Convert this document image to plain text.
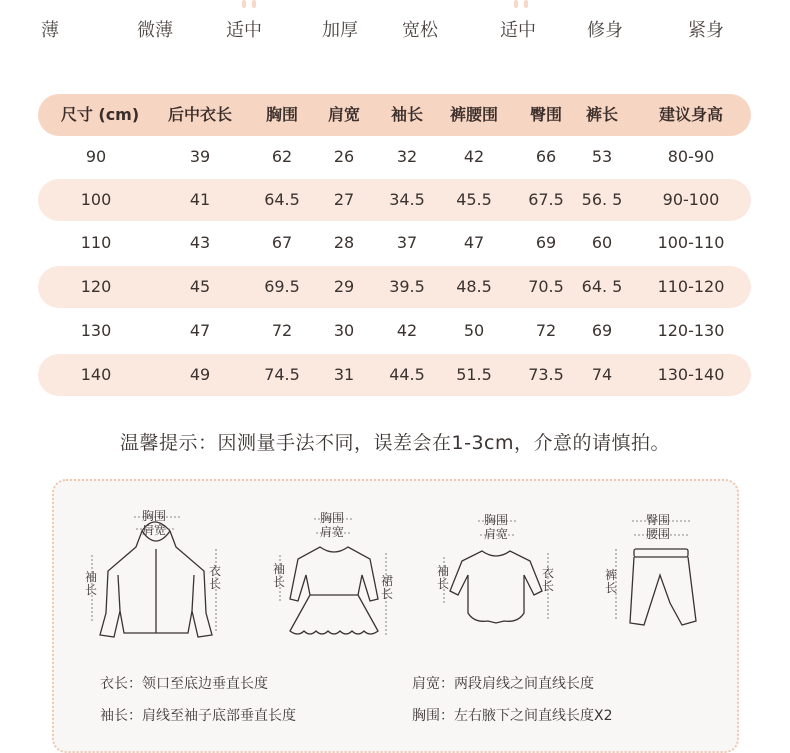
薄	微薄	适中	加厚 宽松	适中	修身	紧身
尺寸 (cm)	后中衣长	胸围	肩宽	袖长	裤腰围	臀围	裤长	建议身高
90	39	62	26	32	42	66	53	80-90
100	41	64.5	27	34.5	45.5	67.5	56. 5	90-100
110	43	67	28	37	47	69	60	100-110
120	45	69.5	29	39.5	48.5	70.5	64. 5	110-120
130	47	72	30	42	50	72	69	120-130
140	49	74.5	31	44.5	51.5	73.5	74	130-140
温馨提示：因测量手法不同，误差会在1-3cm，介意的请慎拍。
胸围
肩宽
袖长
衣长
胸围
肩宽
袖长	裙长
胸围
肩宽
袖长
衣长
臀围
腰围
裤长
衣长：领口至底边垂直长度	肩宽：两段肩线之间直线长度
袖长：肩线至袖子底部垂直长度	胸围：左右腋下之间直线长度X2
